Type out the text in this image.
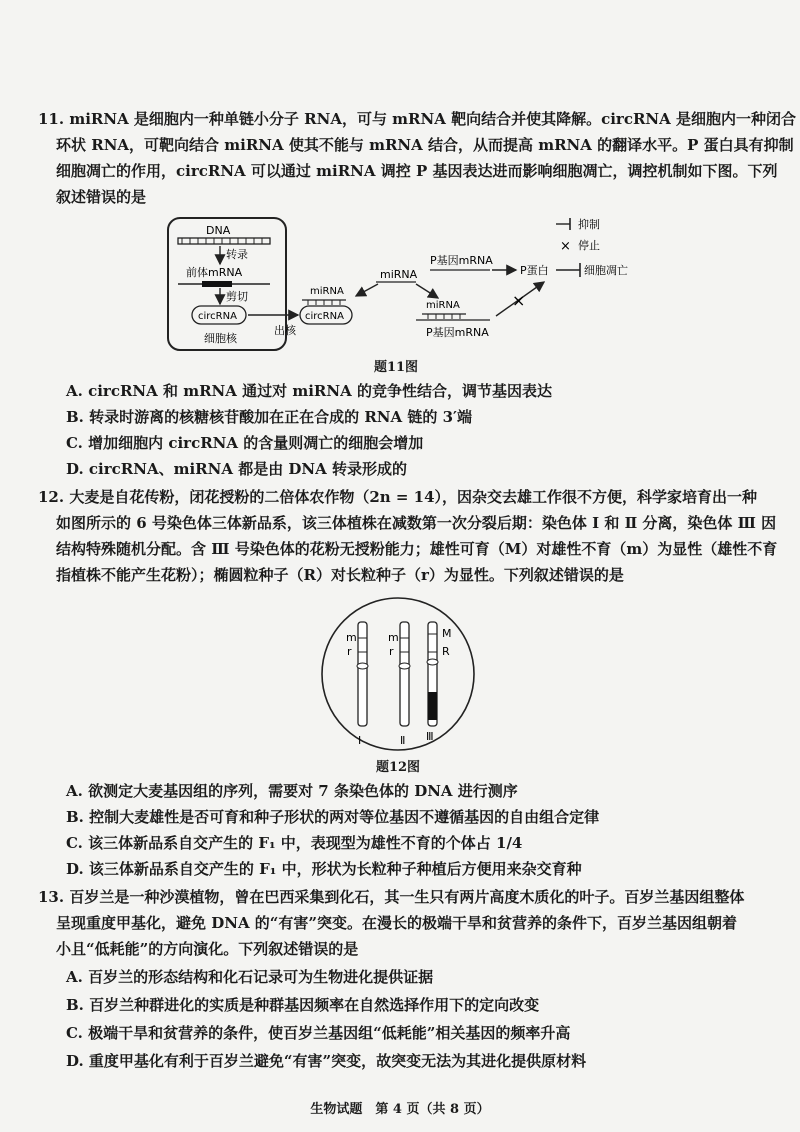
11. miRNA 是细胞内一种单链小分子 RNA，可与 mRNA 靶向结合并使其降解。circRNA 是细胞内一种闭合
环状 RNA，可靶向结合 miRNA 使其不能与 mRNA 结合，从而提高 mRNA 的翻译水平。P 蛋白具有抑制
细胞凋亡的作用，circRNA 可以通过 miRNA 调控 P 基因表达进而影响细胞凋亡，调控机制如下图。下列
叙述错误的是
DNA
转录
前体mRNA
剪切
circRNA
细胞核
出核
miRNA
circRNA
miRNA
P基因mRNA
P蛋白	细胞凋亡
miRNA
P基因mRNA
×
抑制
× 停止
题11图
A. circRNA 和 mRNA 通过对 miRNA 的竞争性结合，调节基因表达
B. 转录时游离的核糖核苷酸加在正在合成的 RNA 链的 3′端
C. 增加细胞内 circRNA 的含量则凋亡的细胞会增加
D. circRNA、miRNA 都是由 DNA 转录形成的
12. 大麦是自花传粉，闭花授粉的二倍体农作物（2n = 14），因杂交去雄工作很不方便，科学家培育出一种
如图所示的 6 号染色体三体新品系，该三体植株在减数第一次分裂后期：染色体 Ⅰ 和 Ⅱ 分离，染色体 Ⅲ 因
结构特殊随机分配。含 Ⅲ 号染色体的花粉无授粉能力；雄性可育（M）对雄性不育（m）为显性（雄性不育
指植株不能产生花粉）；椭圆粒种子（R）对长粒种子（r）为显性。下列叙述错误的是
m
r
Ⅰ
m
r
Ⅱ
M
R
Ⅲ
题12图
A. 欲测定大麦基因组的序列，需要对 7 条染色体的 DNA 进行测序
B. 控制大麦雄性是否可育和种子形状的两对等位基因不遵循基因的自由组合定律
C. 该三体新品系自交产生的 F₁ 中，表现型为雄性不育的个体占 1/4
D. 该三体新品系自交产生的 F₁ 中，形状为长粒种子种植后方便用来杂交育种
13. 百岁兰是一种沙漠植物，曾在巴西采集到化石，其一生只有两片高度木质化的叶子。百岁兰基因组整体
呈现重度甲基化，避免 DNA 的“有害”突变。在漫长的极端干旱和贫营养的条件下，百岁兰基因组朝着
小且“低耗能”的方向演化。下列叙述错误的是
A. 百岁兰的形态结构和化石记录可为生物进化提供证据
B. 百岁兰种群进化的实质是种群基因频率在自然选择作用下的定向改变
C. 极端干旱和贫营养的条件，使百岁兰基因组“低耗能”相关基因的频率升高
D. 重度甲基化有利于百岁兰避免“有害”突变，故突变无法为其进化提供原材料
生物试题　第 4 页（共 8 页）
